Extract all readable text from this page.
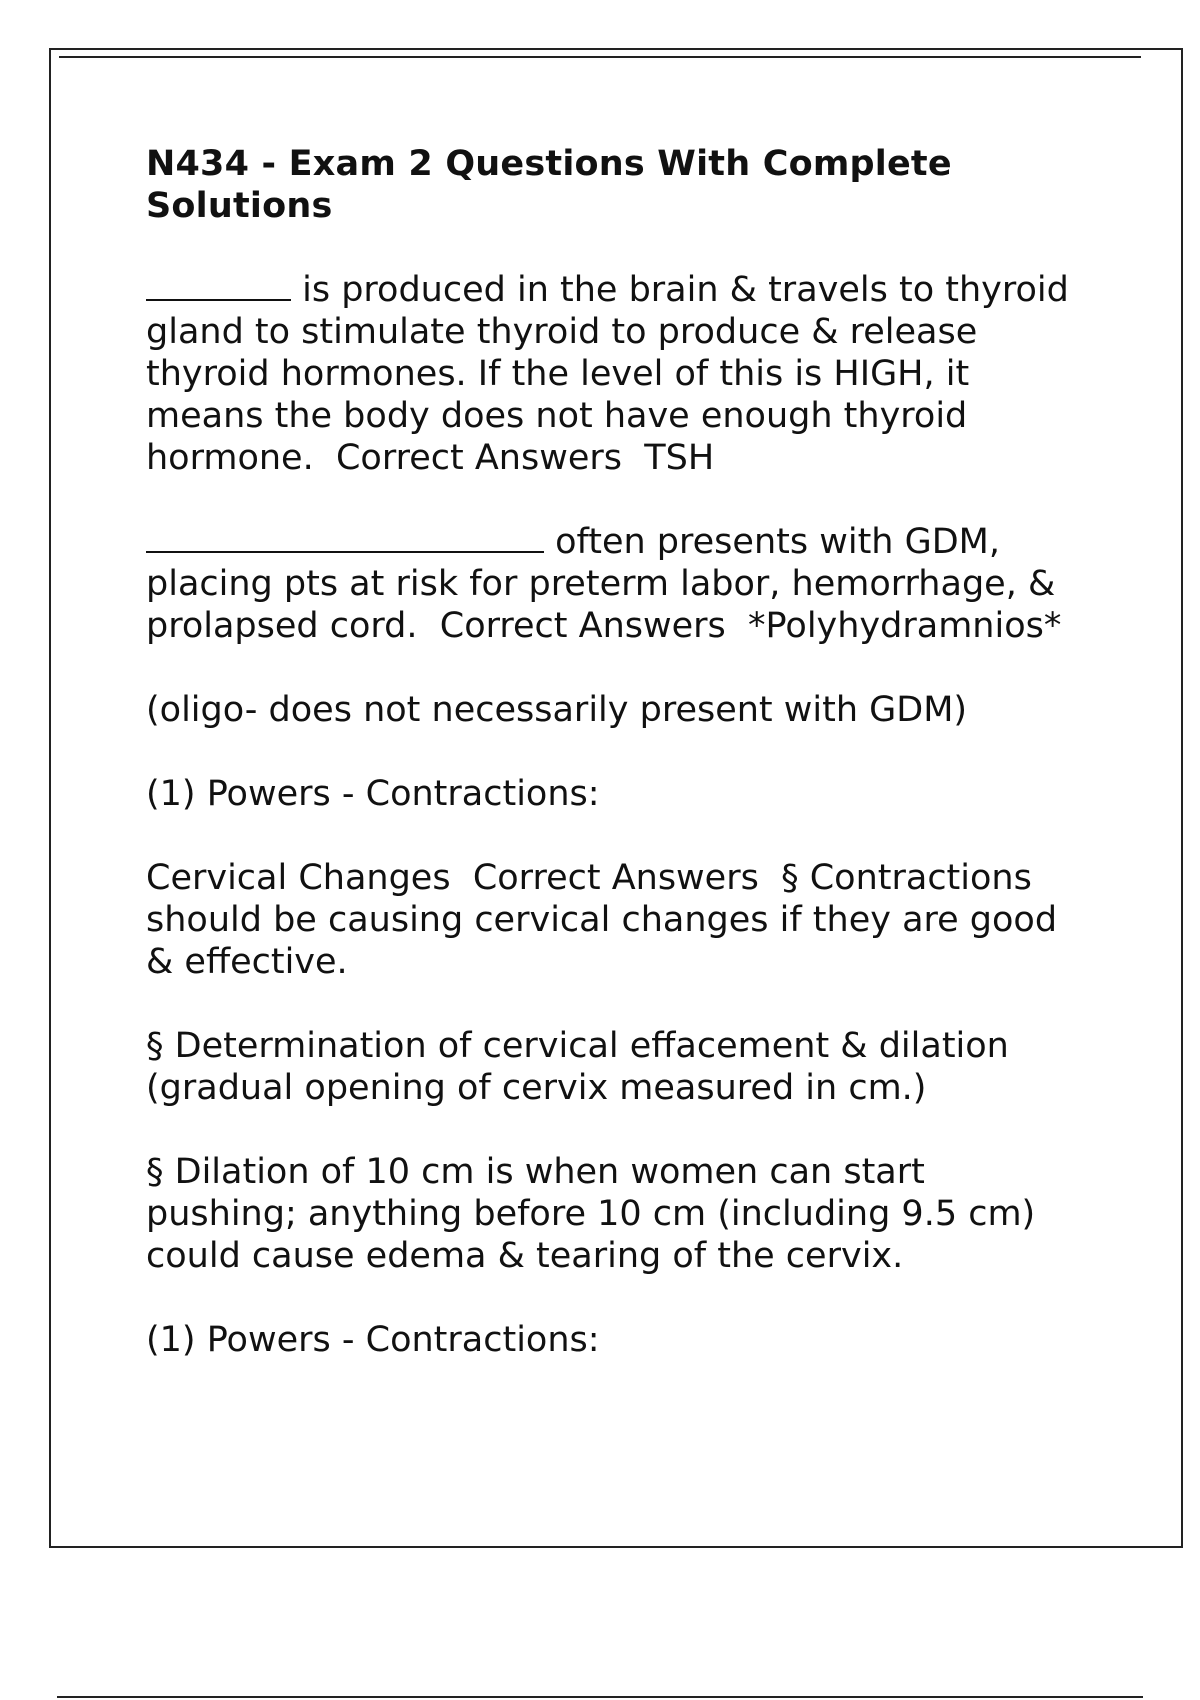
N434 - Exam 2 Questions With Complete Solutions

is produced in the brain & travels to thyroid gland to stimulate thyroid to produce & release thyroid hormones. If the level of this is HIGH, it means the body does not have enough thyroid hormone.  Correct Answers  TSH

often presents with GDM, placing pts at risk for preterm labor, hemorrhage, & prolapsed cord.  Correct Answers  *Polyhydramnios*

(oligo- does not necessarily present with GDM)

(1) Powers - Contractions:

Cervical Changes  Correct Answers  § Contractions should be causing cervical changes if they are good & effective.

§ Determination of cervical effacement & dilation (gradual opening of cervix measured in cm.)

§ Dilation of 10 cm is when women can start pushing; anything before 10 cm (including 9.5 cm) could cause edema & tearing of the cervix.

(1) Powers - Contractions:
